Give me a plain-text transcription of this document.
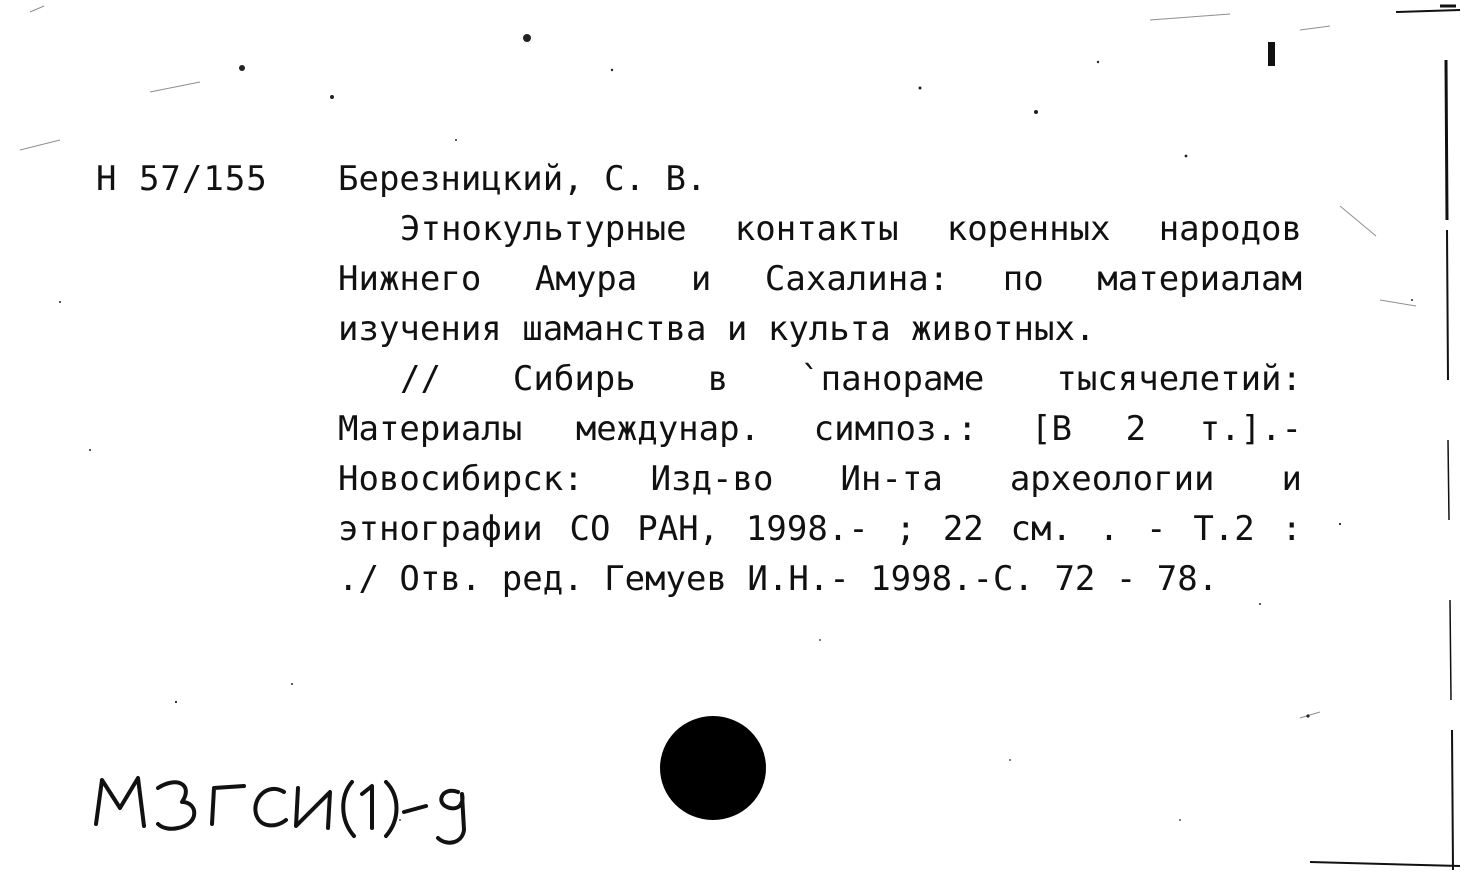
Н 57/155 Березницкий, С. В.
Этнокультурные контакты коренных народов
Нижнего Амура и Сахалина: по материалам
изучения шаманства и культа животных.
// Сибирь в `панораме тысячелетий:
Материалы междунар. симпоз.: [В 2 т.].-
Новосибирск: Изд-во Ин-та археологии и
этнографии СО РАН, 1998.- ; 22 см. . - Т.2 :
./ Отв. ред. Гемуев И.Н.- 1998.-С. 72 - 78.
